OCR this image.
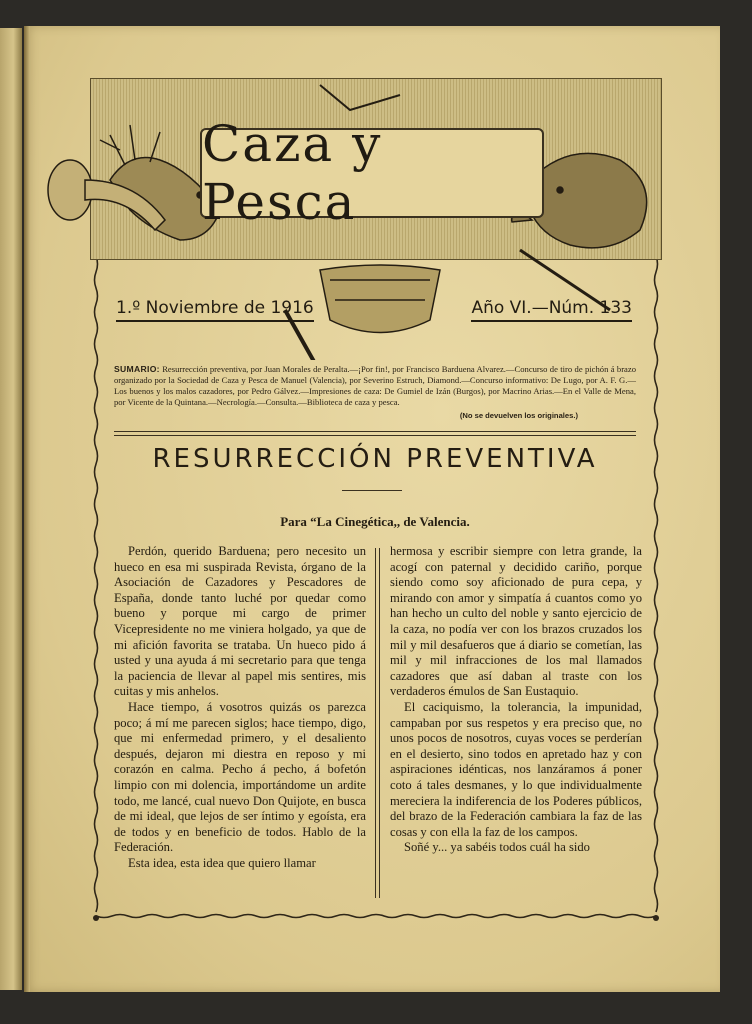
Caza y Pesca
1.º Noviembre de 1916	Año VI.—Núm. 133
SUMARIO: Resurrección preventiva, por Juan Morales de Peralta.—¡Por fin!, por Francisco Barduena Alvarez.—Concurso de tiro de pichón á brazo organizado por la Sociedad de Caza y Pesca de Manuel (Valencia), por Severino Estruch, Diamond.—Concurso informativo: De Lugo, por A. F. G.—Los buenos y los malos cazadores, por Pedro Gálvez.—Impresiones de caza: De Gumiel de Izán (Burgos), por Macrino Arias.—En el Valle de Mena, por Vicente de la Quintana.—Necrología.—Consulta.—Biblioteca de caza y pesca.
(No se devuelven los originales.)
RESURRECCIÓN PREVENTIVA
Para “La Cinegética,, de Valencia.

Perdón, querido Barduena; pero necesito un hueco en esa mi suspirada Revista, órgano de la Asociación de Cazadores y Pescadores de España, donde tanto luché por quedar como bueno y porque mi cargo de primer Vicepresidente no me viniera holgado, ya que de mi afición favorita se trataba. Un hueco pido á usted y una ayuda á mi secretario para que tenga la paciencia de llevar al papel mis sentires, mis cuitas y mis anhelos.

Hace tiempo, á vosotros quizás os parezca poco; á mí me parecen siglos; hace tiempo, digo, que mi enfermedad primero, y el desaliento después, dejaron mi diestra en reposo y mi corazón en calma. Pecho á pecho, á bofetón limpio con mi dolencia, importándome un ardite todo, me lancé, cual nuevo Don Quijote, en busca de mi ideal, que lejos de ser íntimo y egoísta, era de todos y en beneficio de todos. Hablo de la Federación.

Esta idea, esta idea que quiero llamar

hermosa y escribir siempre con letra grande, la acogí con paternal y decidido cariño, porque siendo como soy aficionado de pura cepa, y mirando con amor y simpatía á cuantos como yo han hecho un culto del noble y santo ejercicio de la caza, no podía ver con los brazos cruzados los mil y mil desafueros que á diario se cometían, las mil y mil infracciones de los mal llamados cazadores que así daban al traste con los verdaderos émulos de San Eustaquio.

El caciquismo, la tolerancia, la impunidad, campaban por sus respetos y era preciso que, no unos pocos de nosotros, cuyas voces se perderían en el desierto, sino todos en apretado haz y con aspiraciones idénticas, nos lanzáramos á poner coto á tales desmanes, y lo que individualmente mereciera la indiferencia de los Poderes públicos, del brazo de la Federación cambiara la faz de las cosas y con ella la faz de los campos.

Soñé y... ya sabéis todos cuál ha sido
